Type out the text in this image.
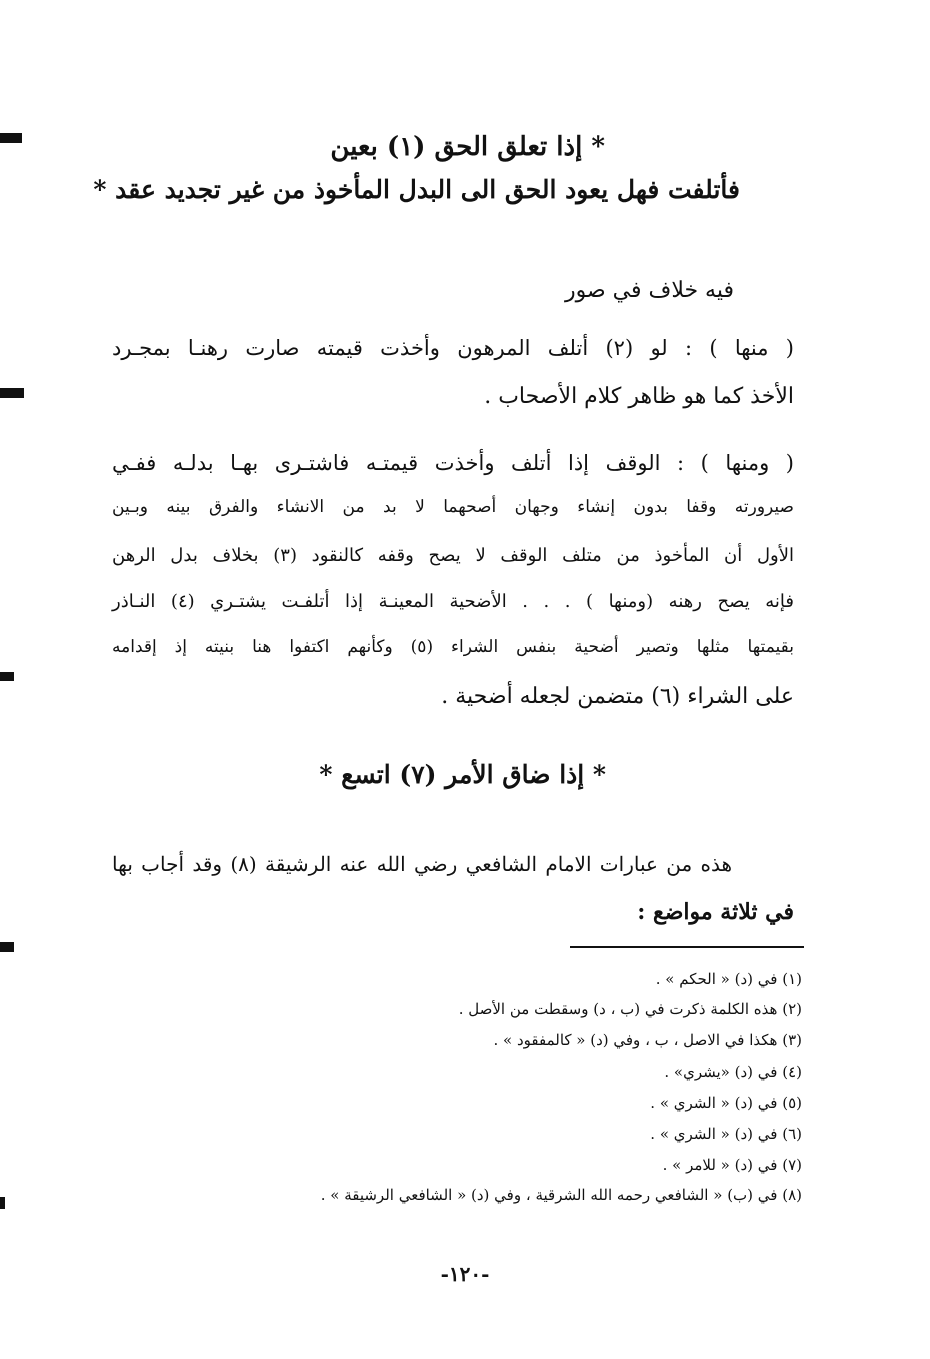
* إذا تعلق الحق (١) بعين
فأتلفت فهل يعود الحق الى البدل المأخوذ من غير تجديد عقد *
فيه خلاف في صور
( منها ) : لو (٢) أتلف المرهون وأخذت قيمته صارت رهنـا بمجـرد
الأخذ كما هو ظاهر كلام الأصحاب .
( ومنها ) : الوقف إذا أتلف وأخذت قيمتـه فاشتـرى بهـا بدلـه ففـي
صيرورته وقفا بدون إنشاء وجهان أصحهما لا بد من الانشاء والفرق بينه وبـين
الأول أن المأخوذ من متلف الوقف لا يصح وقفه كالنقود (٣) بخلاف بدل الرهن
فإنه يصح رهنه (ومنها ) . . . الأضحية المعينـة إذا أتلفـت يشتـري (٤) النـاذر
بقيمتها مثلها وتصير أضحية بنفس الشراء (٥) وكأنهم اكتفوا هنا بنيته إذ إقدامه
على الشراء (٦) متضمن لجعله أضحية .
* إذا ضاق الأمر (٧) اتسع *
هذه من عبارات الامام الشافعي رضي الله عنه الرشيقة (٨) وقد أجاب بها
في ثلاثة مواضع :
(١) في (د) « الحكم » .
(٢) هذه الكلمة ذكرت في (ب ، د) وسقطت من الأصل .
(٣) هكذا في الاصل ، ب ، وفي (د) « كالمفقود » .
(٤) في (د) «يشري» .
(٥) في (د) « الشري » .
(٦) في (د) « الشري » .
(٧) في (د) « للامر » .
(٨) في (ب) « الشافعي رحمه الله الشرقية ، وفي (د) « الشافعي الرشيقة » .
-١٢٠-
